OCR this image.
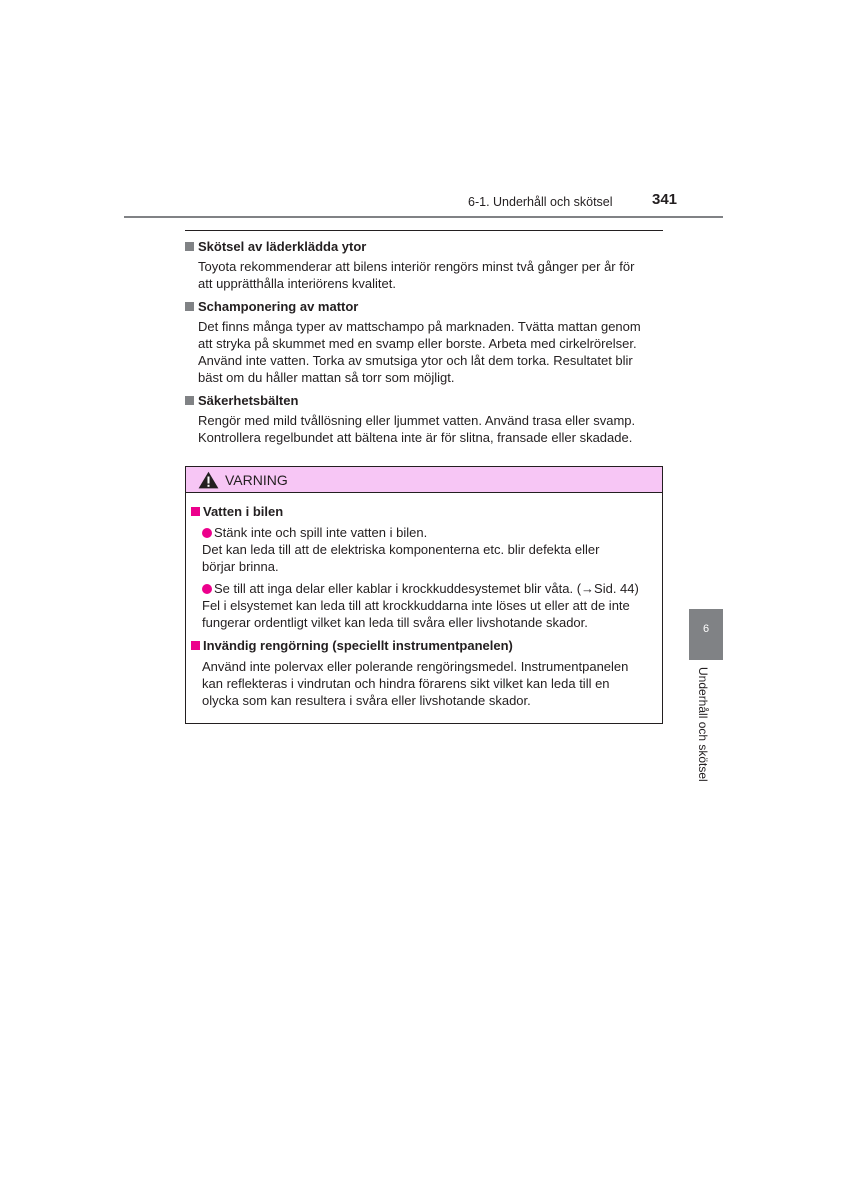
6-1. Underhåll och skötsel	341
Skötsel av läderklädda ytor
Toyota rekommenderar att bilens interiör rengörs minst två gånger per år för
att upprätthålla interiörens kvalitet.
Schamponering av mattor
Det finns många typer av mattschampo på marknaden. Tvätta mattan genom
att stryka på skummet med en svamp eller borste. Arbeta med cirkelrörelser.
Använd inte vatten. Torka av smutsiga ytor och låt dem torka. Resultatet blir
bäst om du håller mattan så torr som möjligt.
Säkerhetsbälten
Rengör med mild tvållösning eller ljummet vatten. Använd trasa eller svamp.
Kontrollera regelbundet att bältena inte är för slitna, fransade eller skadade.
VARNING
Vatten i bilen
Stänk inte och spill inte vatten i bilen.
Det kan leda till att de elektriska komponenterna etc. blir defekta eller
börjar brinna.
Se till att inga delar eller kablar i krockkuddesystemet blir våta. (→Sid. 44)
Fel i elsystemet kan leda till att krockkuddarna inte löses ut eller att de inte
fungerar ordentligt vilket kan leda till svåra eller livshotande skador.
Invändig rengörning (speciellt instrumentpanelen)
Använd inte polervax eller polerande rengöringsmedel. Instrumentpanelen
kan reflekteras i vindrutan och hindra förarens sikt vilket kan leda till en
olycka som kan resultera i svåra eller livshotande skador.
6
Underhåll och skötsel
